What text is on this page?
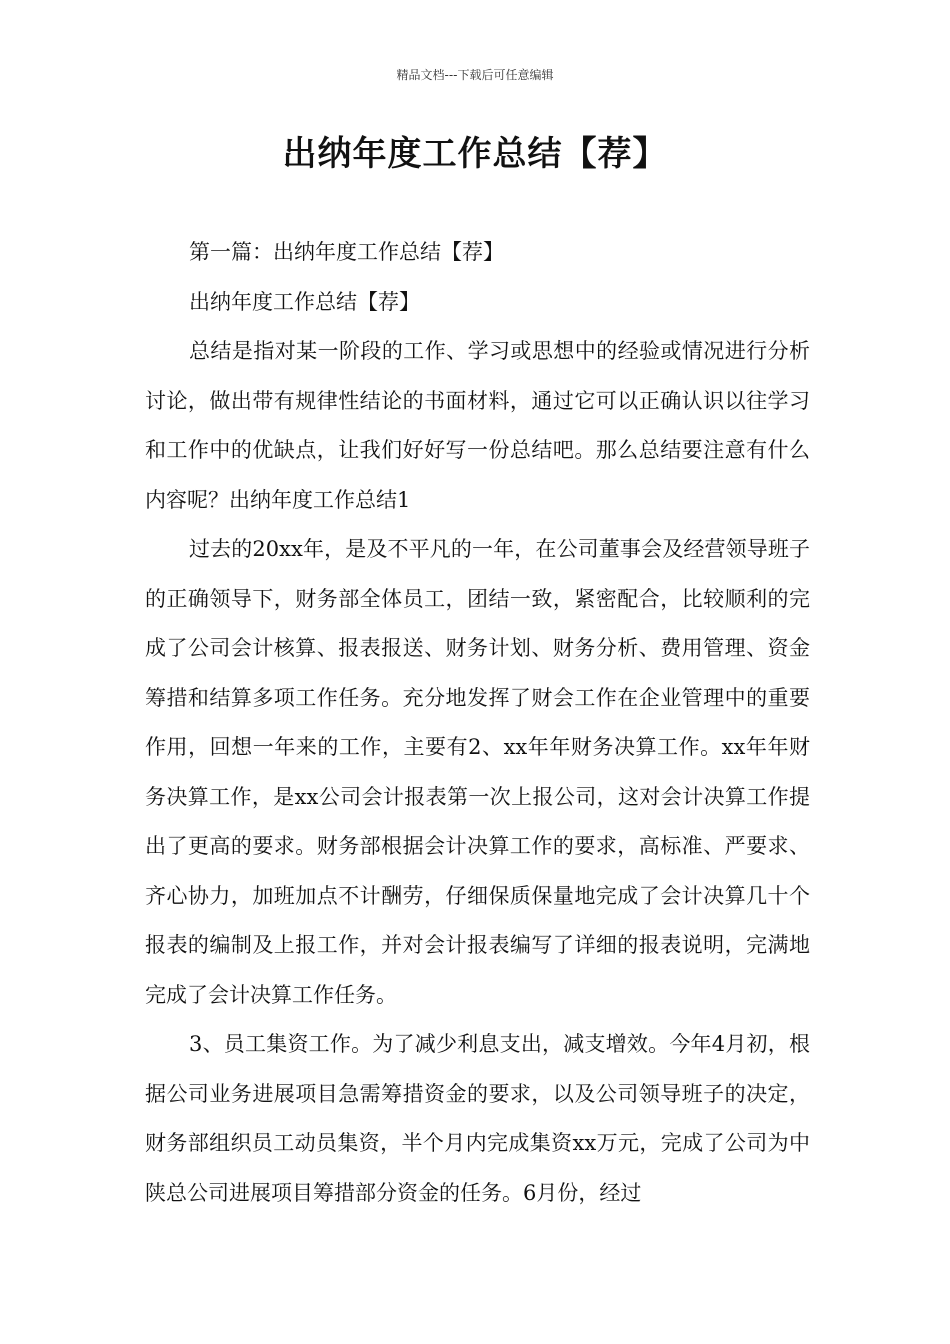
精品文档---下载后可任意编辑
出纳年度工作总结【荐】

第一篇：出纳年度工作总结【荐】

出纳年度工作总结【荐】

总结是指对某一阶段的工作、学习或思想中的经验或情况进行分析讨论，做出带有规律性结论的书面材料，通过它可以正确认识以往学习和工作中的优缺点，让我们好好写一份总结吧。那么总结要注意有什么内容呢？出纳年度工作总结1

过去的20xx年，是及不平凡的一年，在公司董事会及经营领导班子的正确领导下，财务部全体员工，团结一致，紧密配合，比较顺利的完成了公司会计核算、报表报送、财务计划、财务分析、费用管理、资金筹措和结算多项工作任务。充分地发挥了财会工作在企业管理中的重要作用，回想一年来的工作，主要有2、xx年年财务决算工作。xx年年财务决算工作，是xx公司会计报表第一次上报公司，这对会计决算工作提出了更高的要求。财务部根据会计决算工作的要求，高标准、严要求、齐心协力，加班加点不计酬劳，仔细保质保量地完成了会计决算几十个报表的编制及上报工作，并对会计报表编写了详细的报表说明，完满地完成了会计决算工作任务。

3、员工集资工作。为了减少利息支出，减支增效。今年4月初，根据公司业务进展项目急需筹措资金的要求，以及公司领导班子的决定，财务部组织员工动员集资，半个月内完成集资xx万元，完成了公司为中陕总公司进展项目筹措部分资金的任务。6月份，经过
